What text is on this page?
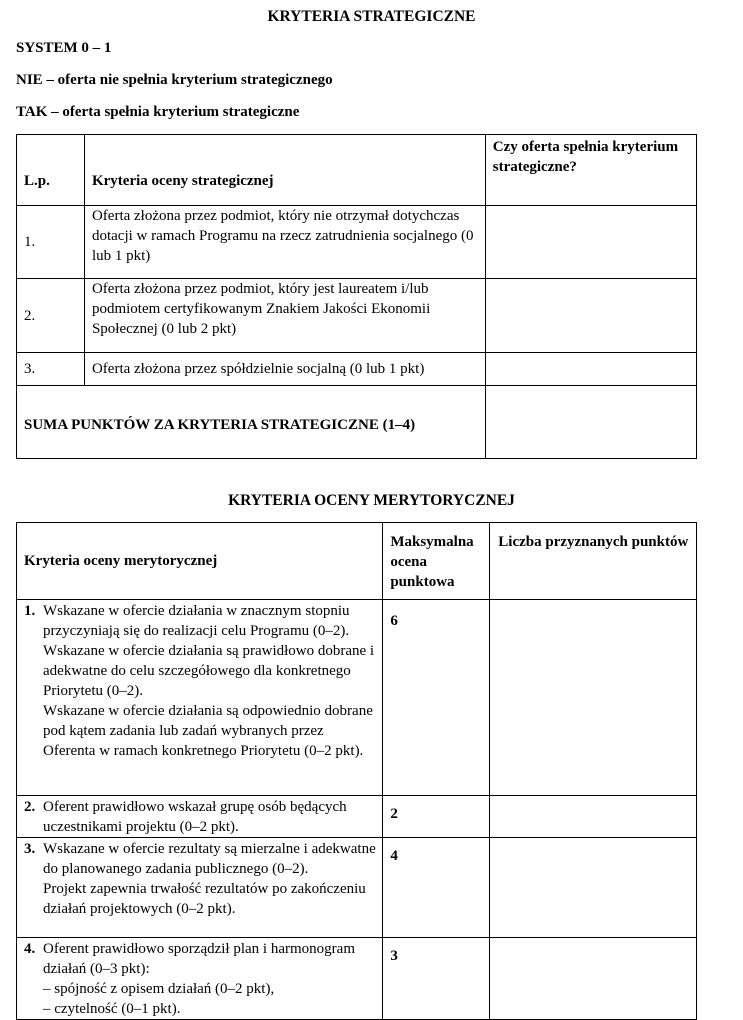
KRYTERIA STRATEGICZNE
SYSTEM 0 – 1
NIE – oferta nie spełnia kryterium strategicznego
TAK – oferta spełnia kryterium strategiczne
L.p.	Kryteria oceny strategicznej	Czy oferta spełnia kryterium strategiczne?

1.	Oferta złożona przez podmiot, który nie otrzymał dotychczas dotacji w ramach Programu na rzecz zatrudnienia socjalnego (0 lub 1 pkt)	

2.	Oferta złożona przez podmiot, który jest laureatem i/lub podmiotem certyfikowanym Znakiem Jakości Ekonomii Społecznej (0 lub 2 pkt)	

3.	Oferta złożona przez spółdzielnie socjalną (0 lub 1 pkt)	

SUMA PUNKTÓW ZA KRYTERIA STRATEGICZNE (1–4)		

KRYTERIA OCENY MERYTORYCZNEJ
Kryteria oceny merytorycznej	Maksymalna ocena punktowa	Liczba przyznanych punktów

1. Wskazane w ofercie działania w znacznym stopniu przyczyniają się do realizacji celu Programu (0–2).

Wskazane w ofercie działania są prawidłowo dobrane i adekwatne do celu szczegółowego dla konkretnego Priorytetu (0–2).

Wskazane w ofercie działania są odpowiednio dobrane pod kątem zadania lub zadań wybranych przez Oferenta w ramach konkretnego Priorytetu (0–2 pkt).	6	

2. Oferent prawidłowo wskazał grupę osób będących uczestnikami projektu (0–2 pkt).	2	

3. Wskazane w ofercie rezultaty są mierzalne i adekwatne do planowanego zadania publicznego (0–2).

Projekt zapewnia trwałość rezultatów po zakończeniu działań projektowych (0–2 pkt).	4	

4. Oferent prawidłowo sporządził plan i harmonogram działań (0–3 pkt):

– spójność z opisem działań (0–2 pkt),

– czytelność (0–1 pkt).	3	
